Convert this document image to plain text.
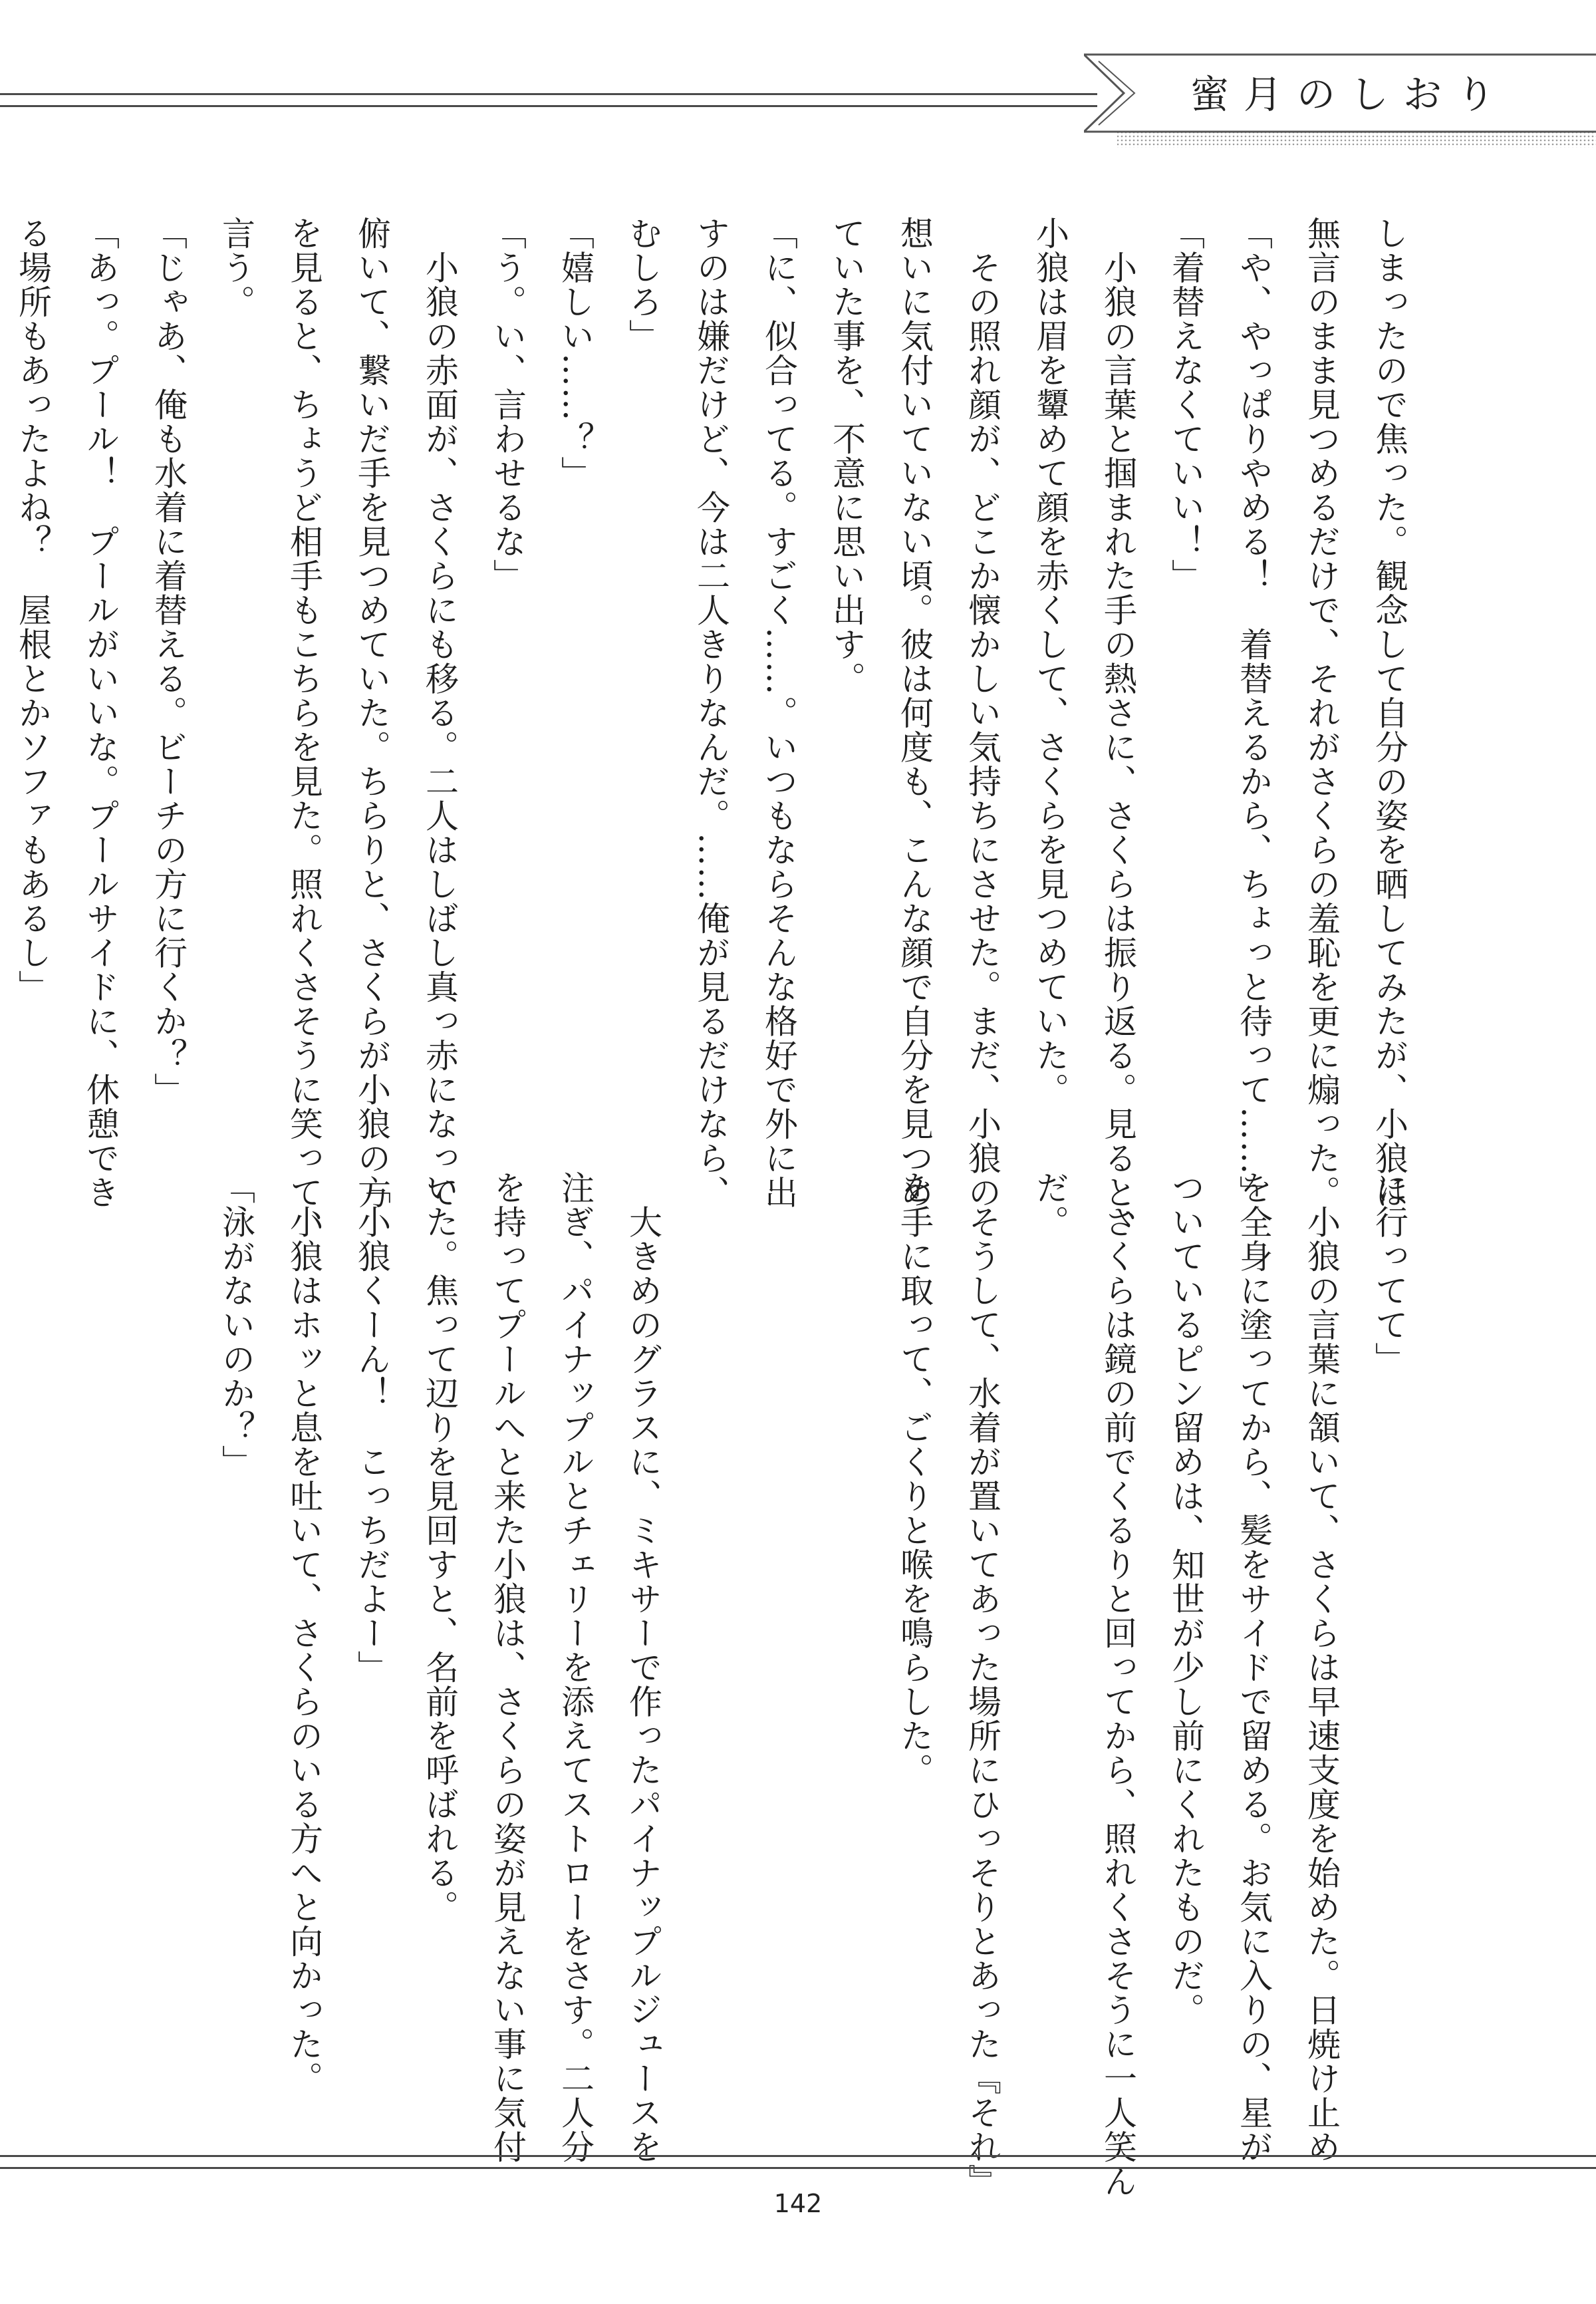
蜜月のしおり
しまったので焦った。観念して自分の姿を晒してみたが、小狼は
無言のまま見つめるだけで、それがさくらの羞恥を更に煽った。
「や、やっぱりやめる！　着替えるから、ちょっと待って……」
「着替えなくていい！」
　小狼の言葉と掴まれた手の熱さに、さくらは振り返る。見ると、
小狼は眉を顰めて顔を赤くして、さくらを見つめていた。
　その照れ顔が、どこか懐かしい気持ちにさせた。まだ、小狼の
想いに気付いていない頃。彼は何度も、こんな顔で自分を見つめ
ていた事を、不意に思い出す。
「に、似合ってる。すごく……。いつもならそんな格好で外に出
すのは嫌だけど、今は二人きりなんだ。……俺が見るだけなら、
むしろ」
「嬉しい……？」
「う。い、言わせるな」
　小狼の赤面が、さくらにも移る。二人はしばし真っ赤になって
俯いて、繋いだ手を見つめていた。ちらりと、さくらが小狼の方
を見ると、ちょうど相手もこちらを見た。照れくさそうに笑って、
言う。
「じゃあ、俺も水着に着替える。ビーチの方に行くか？」
「あっ。プール！　プールがいいな。プールサイドに、休憩でき
る場所もあったよね？　屋根とかソファもあるし」

に行ってて」
　小狼の言葉に頷いて、さくらは早速支度を始めた。日焼け止め
を全身に塗ってから、髪をサイドで留める。お気に入りの、星が
ついているピン留めは、知世が少し前にくれたものだ。
　さくらは鏡の前でくるりと回ってから、照れくさそうに一人笑ん
だ。
　そうして、水着が置いてあった場所にひっそりとあった『それ』
を手に取って、ごくりと喉を鳴らした。

　大きめのグラスに、ミキサーで作ったパイナップルジュースを
注ぎ、パイナップルとチェリーを添えてストローをさす。二人分
を持ってプールへと来た小狼は、さくらの姿が見えない事に気付
いた。焦って辺りを見回すと、名前を呼ばれる。
「小狼くーん！　こっちだよー」
　小狼はホッと息を吐いて、さくらのいる方へと向かった。
「泳がないのか？」
142
